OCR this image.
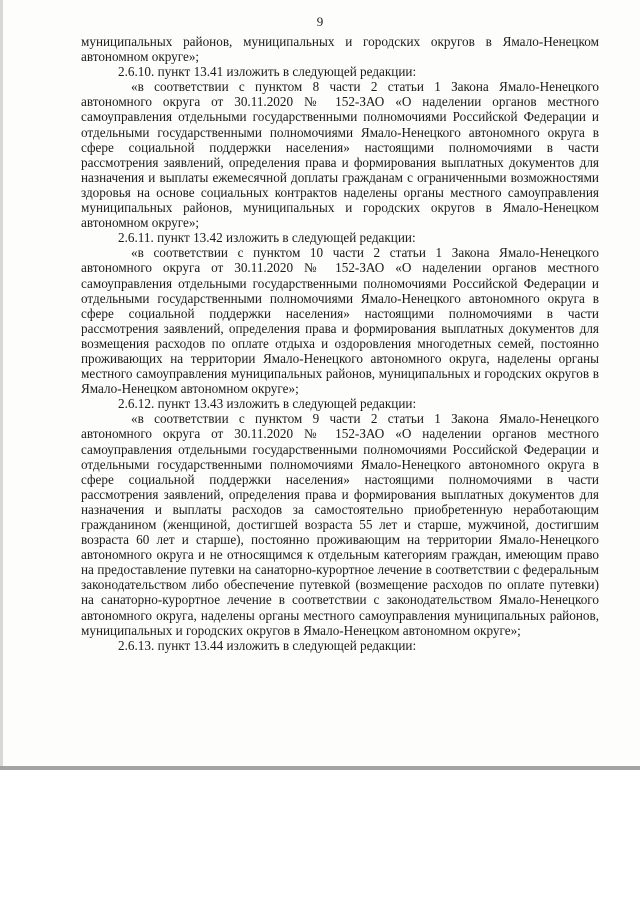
9

муниципальных районов, муниципальных и городских округов в Ямало-Ненецком автономном округе»;

2.6.10. пункт 13.41 изложить в следующей редакции:

«в соответствии с пунктом 8 части 2 статьи 1 Закона Ямало-Ненецкого автономного округа от 30.11.2020 № 152-ЗАО «О наделении органов местного самоуправления отдельными государственными полномочиями Российской Федерации и отдельными государственными полномочиями Ямало-Ненецкого автономного округа в сфере социальной поддержки населения» настоящими полномочиями в части рассмотрения заявлений, определения права и формирования выплатных документов для назначения и выплаты ежемесячной доплаты гражданам с ограниченными возможностями здоровья на основе социальных контрактов наделены органы местного самоуправления муниципальных районов, муниципальных и городских округов в Ямало-Ненецком автономном округе»;

2.6.11. пункт 13.42 изложить в следующей редакции:

«в соответствии с пунктом 10 части 2 статьи 1 Закона Ямало-Ненецкого автономного округа от 30.11.2020 № 152-ЗАО «О наделении органов местного самоуправления отдельными государственными полномочиями Российской Федерации и отдельными государственными полномочиями Ямало-Ненецкого автономного округа в сфере социальной поддержки населения» настоящими полномочиями в части рассмотрения заявлений, определения права и формирования выплатных документов для возмещения расходов по оплате отдыха и оздоровления многодетных семей, постоянно проживающих на территории Ямало-Ненецкого автономного округа, наделены органы местного самоуправления муниципальных районов, муниципальных и городских округов в Ямало-Ненецком автономном округе»;

2.6.12. пункт 13.43 изложить в следующей редакции:

«в соответствии с пунктом 9 части 2 статьи 1 Закона Ямало-Ненецкого автономного округа от 30.11.2020 № 152-ЗАО «О наделении органов местного самоуправления отдельными государственными полномочиями Российской Федерации и отдельными государственными полномочиями Ямало-Ненецкого автономного округа в сфере социальной поддержки населения» настоящими полномочиями в части рассмотрения заявлений, определения права и формирования выплатных документов для назначения и выплаты расходов за самостоятельно приобретенную неработающим гражданином (женщиной, достигшей возраста 55 лет и старше, мужчиной, достигшим возраста 60 лет и старше), постоянно проживающим на территории Ямало-Ненецкого автономного округа и не относящимся к отдельным категориям граждан, имеющим право на предоставление путевки на санаторно-курортное лечение в соответствии с федеральным законодательством либо обеспечение путевкой (возмещение расходов по оплате путевки) на санаторно-курортное лечение в соответствии с законодательством Ямало-Ненецкого автономного округа, наделены органы местного самоуправления муниципальных районов, муниципальных и городских округов в Ямало-Ненецком автономном округе»;

2.6.13. пункт 13.44 изложить в следующей редакции:
